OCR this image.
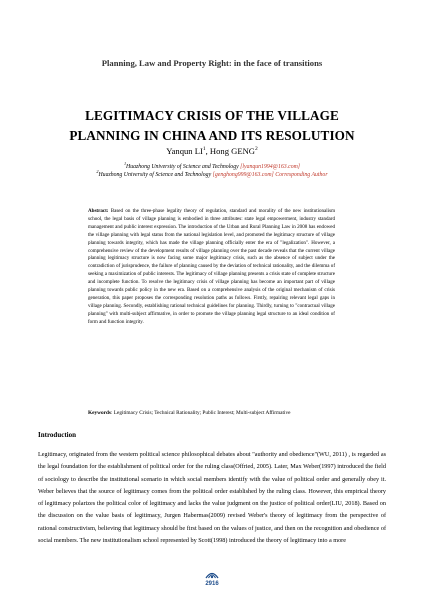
Planning, Law and Property Right: in the face of transitions
LEGITIMACY CRISIS OF THE VILLAGE
PLANNING IN CHINA AND ITS RESOLUTION
Yanqun $LI^1$, Hong GENG$^2$
$^1$Huazhong University of Science and Technology [lyanqun1994@163.com]
$^2$Huazhong University of Science and Technology [genghong999@163.com] Corresponding Author
Abstract: Based on the three-phase legality theory of regulation, standard and morality of the new institutionalism school, the legal basis of village planning is embodied in three attributes: state legal empowerment, industry standard management and public interest expression. The introduction of the Urban and Rural Planning Law in 2008 has endowed the village planning with legal status from the national legislation level, and promoted the legitimacy structure of village planning towards integrity, which has made the village planning officially enter the era of "legalization". However, a comprehensive review of the development results of village planning over the past decade reveals that the current village planning legitimacy structure is now facing some major legitimacy crisis, such as the absence of subject under the contradiction of jurisprudence, the failure of planning caused by the deviation of technical rationality, and the dilemma of seeking a maximization of public interests. The legitimacy of village planning presents a crisis state of complete structure and incomplete function. To resolve the legitimacy crisis of village planning has become an important part of village planning towards public policy in the new era. Based on a comprehensive analysis of the original mechanism of crisis generation, this paper proposes the corresponding resolution paths as follows. Firstly, repairing relevant legal gaps in village planning. Secondly, establishing rational technical guidelines for planning. Thirdly, turning to "contractual village planning" with multi-subject affirmative, in order to promote the village planning legal structure to an ideal condition of form and function integrity.
Keywords: Legitimacy Crisis; Technical Rationality; Public Interest; Multi-subject Affirmative
Introduction
Legitimacy, originated from the western political science philosophical debates about "authority and obedience"(WU, 2011) , is regarded as the legal foundation for the establishment of political order for the ruling class(Offried, 2005). Later, Max Weber(1997) introduced the field of sociology to describe the institutional scenario in which social members identify with the value of political order and generally obey it. Weber believes that the source of legitimacy comes from the political order established by the ruling class. However, this empirical theory of legitimacy polarizes the political color of legitimacy and lacks the value judgment on the justice of political order(LIU, 2018). Based on the discussion on the value basis of legitimacy, Jurgen Habermas(2009) revised Weber's theory of legitimacy from the perspective of rational constructivism, believing that legitimacy should be first based on the values of justice, and then on the recognition and obedience of social members. The new institutionalism school represented by Scott(1998) introduced the theory of legitimacy into a more
2916
